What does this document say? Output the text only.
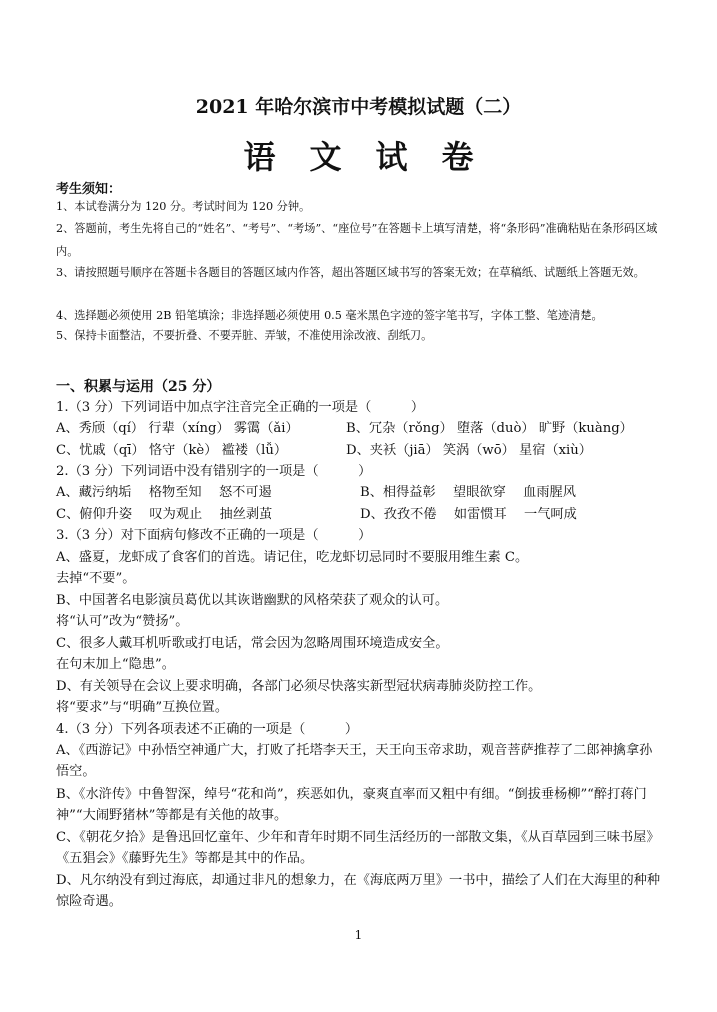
2021 年哈尔滨市中考模拟试题（二）
语文试卷
考生须知：
1、本试卷满分为 120 分。考试时间为 120 分钟。
2、答题前，考生先将自己的“姓名”、“考号”、“考场”、“座位号”在答题卡上填写清楚，将“条形码”准确粘贴在条形码区域内。
3、请按照题号顺序在答题卡各题目的答题区域内作答，超出答题区域书写的答案无效；在草稿纸、试题纸上答题无效。
4、选择题必须使用 2B 铅笔填涂；非选择题必须使用 0.5 毫米黑色字迹的签字笔书写，字体工整、笔迹清楚。
5、保持卡面整洁，不要折叠、不要弄脏、弄皱，不准使用涂改液、刮纸刀。
一、积累与运用（25 分）
1.（3 分）下列词语中加点字注音完全正确的一项是（　　　）
A、秀颀（qí） 行辈（xíng） 雾霭（ǎi）	B、冗杂（rǒng） 堕落（duò） 旷野（kuàng）
C、忧戚（qī） 恪守（kè） 褴褛（lǚ）	D、夹袄（jiā） 笑涡（wō） 星宿（xiù）
2.（3 分）下列词语中没有错别字的一项是（　　　）
A、藏污纳垢　 格物至知　 怒不可遏	B、相得益彰　 望眼欲穿　 血雨腥风
C、俯仰升姿　 叹为观止　 抽丝剥茧	D、孜孜不倦　 如雷惯耳　 一气呵成
3.（3 分）对下面病句修改不正确的一项是（　　　）
A、盛夏，龙虾成了食客们的首选。请记住，吃龙虾切忌同时不要服用维生素 C。
去掉“不要”。
B、中国著名电影演员葛优以其诙谐幽默的风格荣获了观众的认可。
将“认可”改为“赞扬”。
C、很多人戴耳机听歌或打电话，常会因为忽略周围环境造成安全。
在句末加上“隐患”。
D、有关领导在会议上要求明确，各部门必须尽快落实新型冠状病毒肺炎防控工作。
将“要求”与“明确”互换位置。
4.（3 分）下列各项表述不正确的一项是（　　　）
A、《西游记》中孙悟空神通广大，打败了托塔李天王，天王向玉帝求助，观音菩萨推荐了二郎神擒拿孙悟空。
B、《水浒传》中鲁智深，绰号“花和尚”，疾恶如仇，豪爽直率而又粗中有细。“倒拔垂杨柳”“醉打蒋门神”“大闹野猪林”等都是有关他的故事。
C、《朝花夕拾》是鲁迅回忆童年、少年和青年时期不同生活经历的一部散文集，《从百草园到三味书屋》《五猖会》《藤野先生》等都是其中的作品。
D、凡尔纳没有到过海底，却通过非凡的想象力，在《海底两万里》一书中，描绘了人们在大海里的种种惊险奇遇。
1
